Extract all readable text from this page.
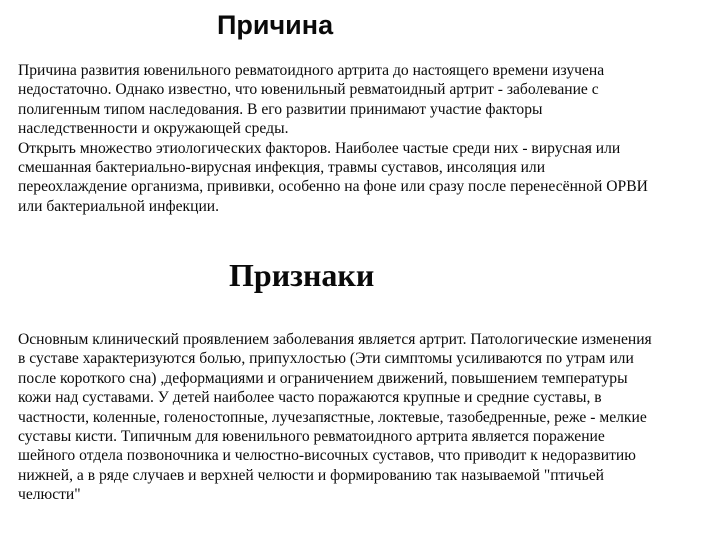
Причина
Причина развития ювенильного ревматоидного артрита до настоящего времени изучена
недостаточно. Однако известно, что ювенильный ревматоидный артрит - заболевание с
полигенным типом наследования. В его развитии принимают участие факторы
наследственности и окружающей среды.
Открыть множество этиологических факторов. Наиболее частые среди них - вирусная или
смешанная бактериально-вирусная инфекция, травмы суставов, инсоляция или
переохлаждение организма, прививки, особенно на фоне или сразу после перенесённой ОРВИ
или бактериальной инфекции.
Признаки
Основным клинический проявлением заболевания является артрит. Патологические изменения
в суставе характеризуются болью, припухлостью (Эти симптомы усиливаются по утрам или
после короткого сна) ,деформациями и ограничением движений, повышением температуры
кожи над суставами. У детей наиболее часто поражаются крупные и средние суставы, в
частности, коленные, голеностопные, лучезапястные, локтевые, тазобедренные, реже - мелкие
суставы кисти. Типичным для ювенильного ревматоидного артрита является поражение
шейного отдела позвоночника и челюстно-височных суставов, что приводит к недоразвитию
нижней, а в ряде случаев и верхней челюсти и формированию так называемой "птичьей
челюсти"
